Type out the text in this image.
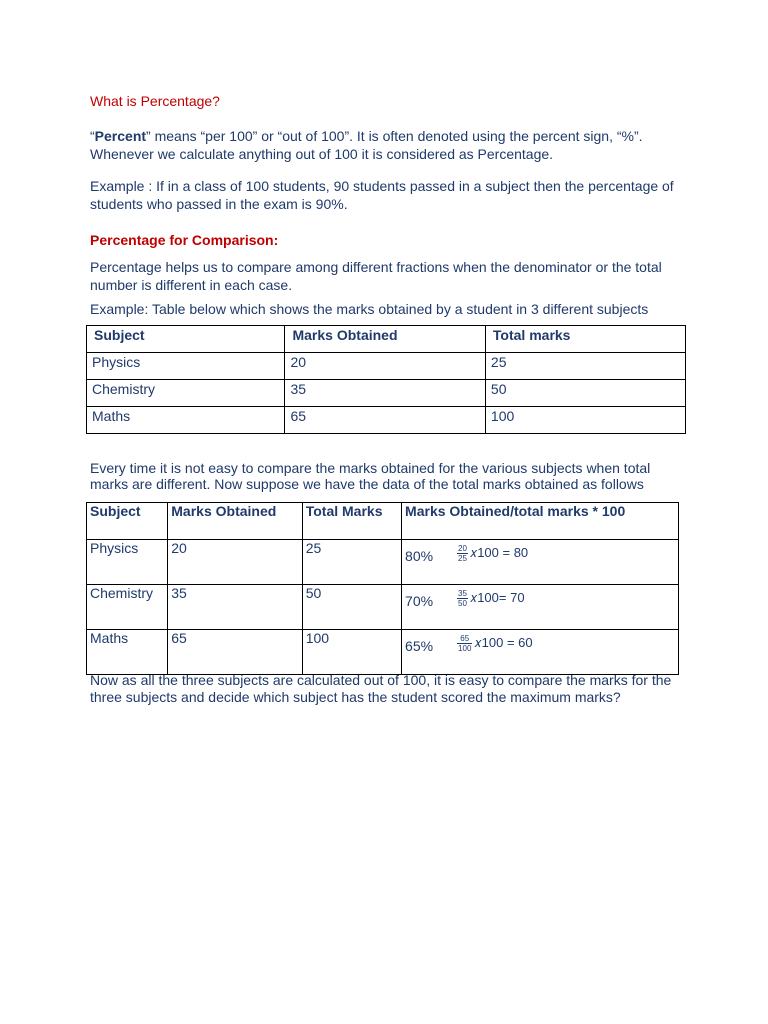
What is Percentage?
“Percent” means “per 100” or “out of 100”. It is often denoted using the percent sign, “%”.
Whenever we calculate anything out of 100 it is considered as Percentage.
Example : If in a class of 100 students, 90 students passed in a subject then the percentage of
students who passed in the exam is 90%.
Percentage for Comparison:
Percentage helps us to compare among different fractions when the denominator or the total
number is different in each case.
Example: Table below which shows the marks obtained by a student in 3 different subjects
Subject	Marks Obtained	Total marks
Physics	20	25
Chemistry	35	50
Maths	65	100
Every time it is not easy to compare the marks obtained for the various subjects when total
marks are different. Now suppose we have the data of the total marks obtained as follows
Subject	Marks Obtained	Total Marks	Marks Obtained/total marks * 100
Physics	20	25	$80\% \frac{20}{25}$ 𝑥100 = 80

Chemistry	35	50	$70\% \frac{35}{50}$ 𝑥100= 70

Maths	65	100	$65\% \frac{65}{100}$ 𝑥100 = 60
Now as all the three subjects are calculated out of 100, it is easy to compare the marks for the
three subjects and decide which subject has the student scored the maximum marks?
